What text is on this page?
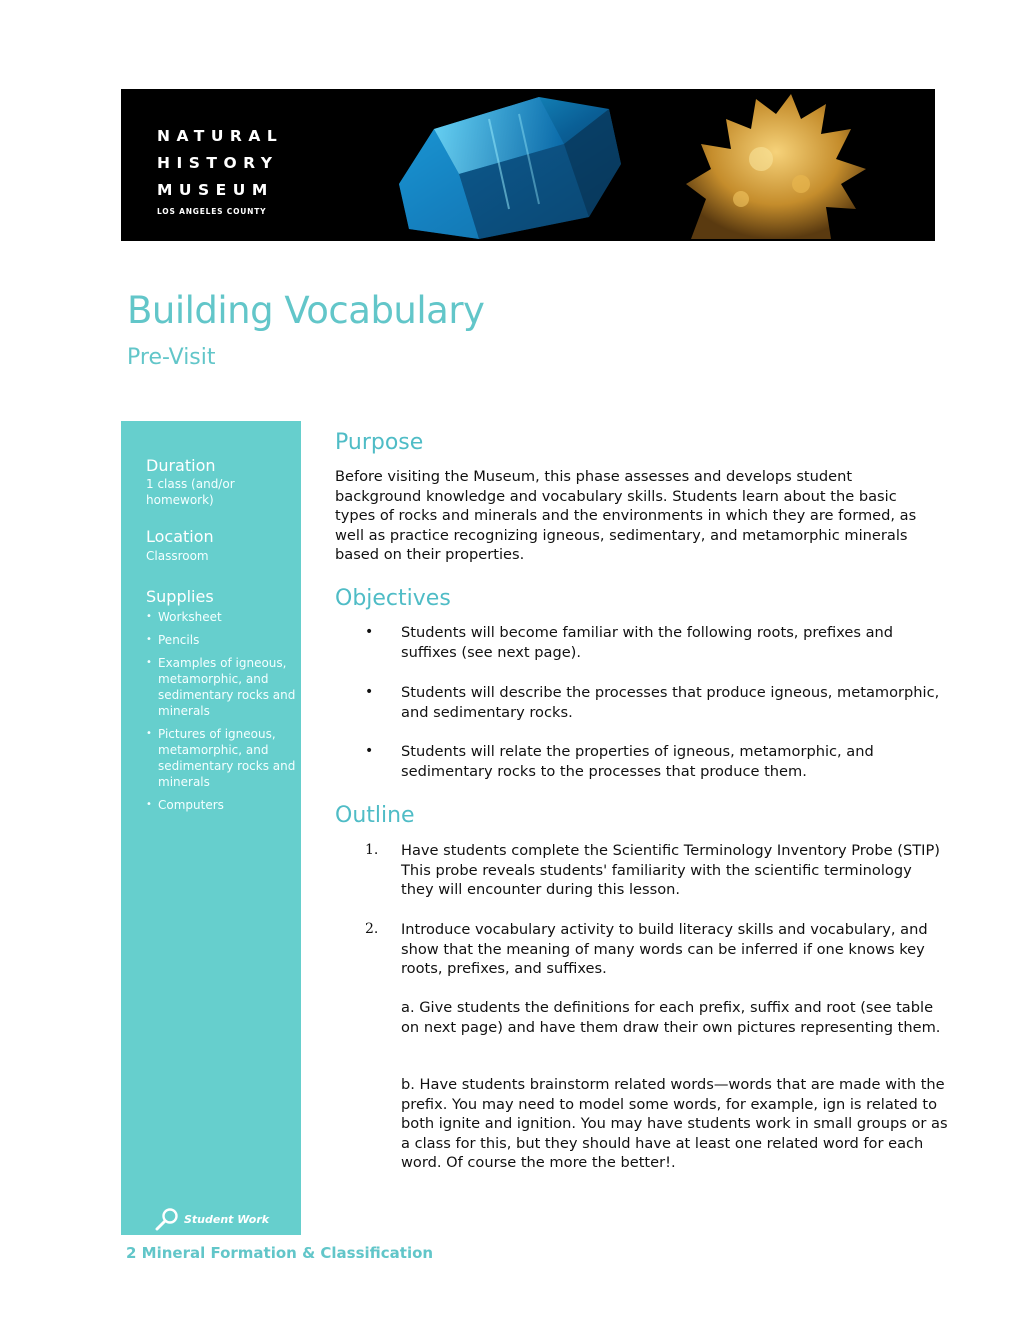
NATURAL
HISTORY
MUSEUM
LOS ANGELES COUNTY
Building Vocabulary
Pre-Visit
Duration
1 class (and/or homework)
Location
Classroom
Supplies
• Worksheet
• Pencils
• Examples of igneous, metamorphic, and sedimentary rocks and minerals
• Pictures of igneous, metamorphic, and sedimentary rocks and minerals
• Computers
Student Work
Purpose

Before visiting the Museum, this phase assesses and develops student background knowledge and vocabulary skills. Students learn about the basic types of rocks and minerals and the environments in which they are formed, as well as practice recognizing igneous, sedimentary, and metamorphic minerals based on their properties.

Objectives
• Students will become familiar with the following roots, prefixes and suffixes (see next page).
• Students will describe the processes that produce igneous, metamorphic, and sedimentary rocks.
• Students will relate the properties of igneous, metamorphic, and sedimentary rocks to the processes that produce them.
Outline
1. Have students complete the Scientific Terminology Inventory Probe (STIP) This probe reveals students' familiarity with the scientific terminology they will encounter during this lesson.
2. Introduce vocabulary activity to build literacy skills and vocabulary, and show that the meaning of many words can be inferred if one knows key roots, prefixes, and suffixes.
a. Give students the definitions for each prefix, suffix and root (see table on next page) and have them draw their own pictures representing them.
b. Have students brainstorm related words—words that are made with the prefix. You may need to model some words, for example, ign is related to both ignite and ignition. You may have students work in small groups or as a class for this, but they should have at least one related word for each word. Of course the more the better!.
2 Mineral Formation & Classification
